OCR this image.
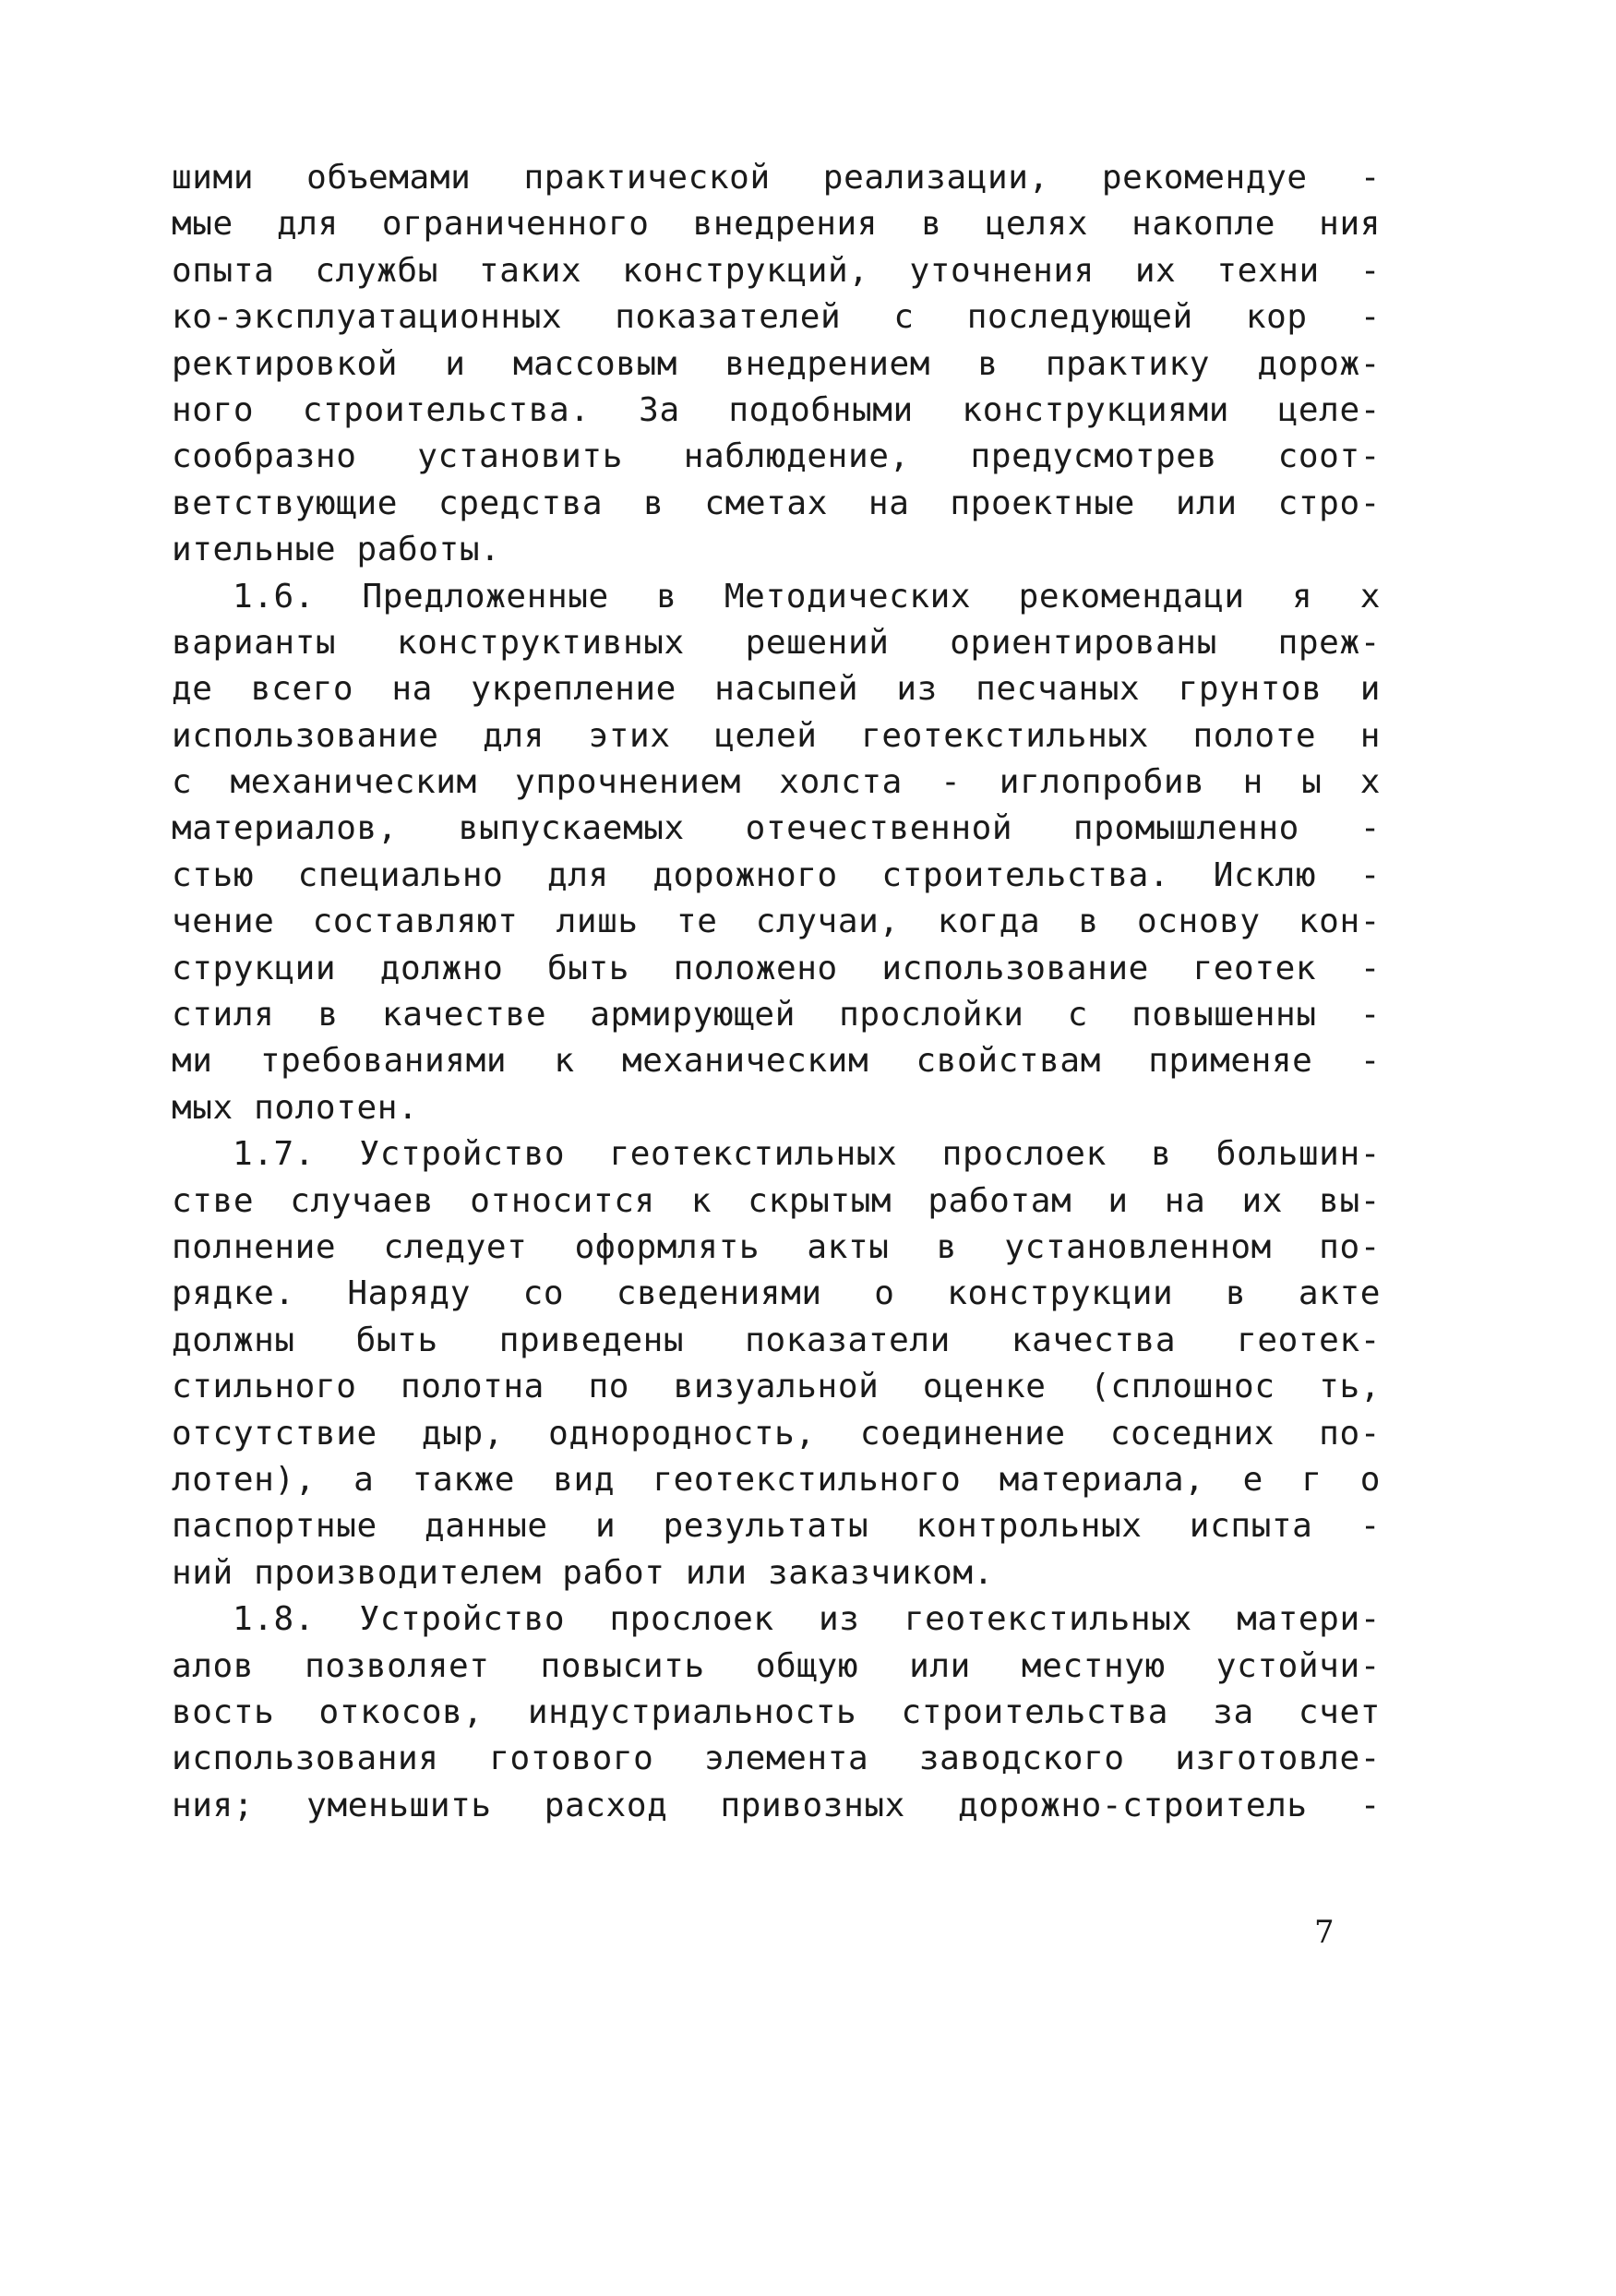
шими объемами практической реализации, рекомендуе -
мые для ограниченного внедрения в целях накопле ния
опыта службы таких конструкций, уточнения их техни -
ко-эксплуатационных показателей с последующей кор -
ректировкой и массовым внедрением в практику дорож-
ного строительства. За подобными конструкциями целе-
сообразно установить наблюдение, предусмотрев соот-
ветствующие средства в сметах на проектные или стро-
ительные работы.
1.6. Предложенные в Методических рекомендаци я х
варианты конструктивных решений ориентированы преж-
де всего на укрепление насыпей из песчаных грунтов и
использование для этих целей геотекстильных полоте н
с механическим упрочнением холста - иглопробив н ы х
материалов, выпускаемых отечественной промышленно -
стью специально для дорожного строительства. Исклю -
чение составляют лишь те случаи, когда в основу кон-
струкции должно быть положено использование геотек -
стиля в качестве армирующей прослойки с повышенны -
ми требованиями к механическим свойствам применяе -
мых полотен.
1.7. Устройство геотекстильных прослоек в большин-
стве случаев относится к скрытым работам и на их вы-
полнение следует оформлять акты в установленном по-
рядке. Наряду со сведениями о конструкции в акте
должны быть приведены показатели качества геотек-
стильного полотна по визуальной оценке (сплошнос ть,
отсутствие дыр, однородность, соединение соседних по-
лотен), а также вид геотекстильного материала, е г о
паспортные данные и результаты контрольных испыта -
ний производителем работ или заказчиком.
1.8. Устройство прослоек из геотекстильных матери-
алов позволяет повысить общую или местную устойчи-
вость откосов, индустриальность строительства за счет
использования готового элемента заводского изготовле-
ния; уменьшить расход привозных дорожно-строитель -
7
